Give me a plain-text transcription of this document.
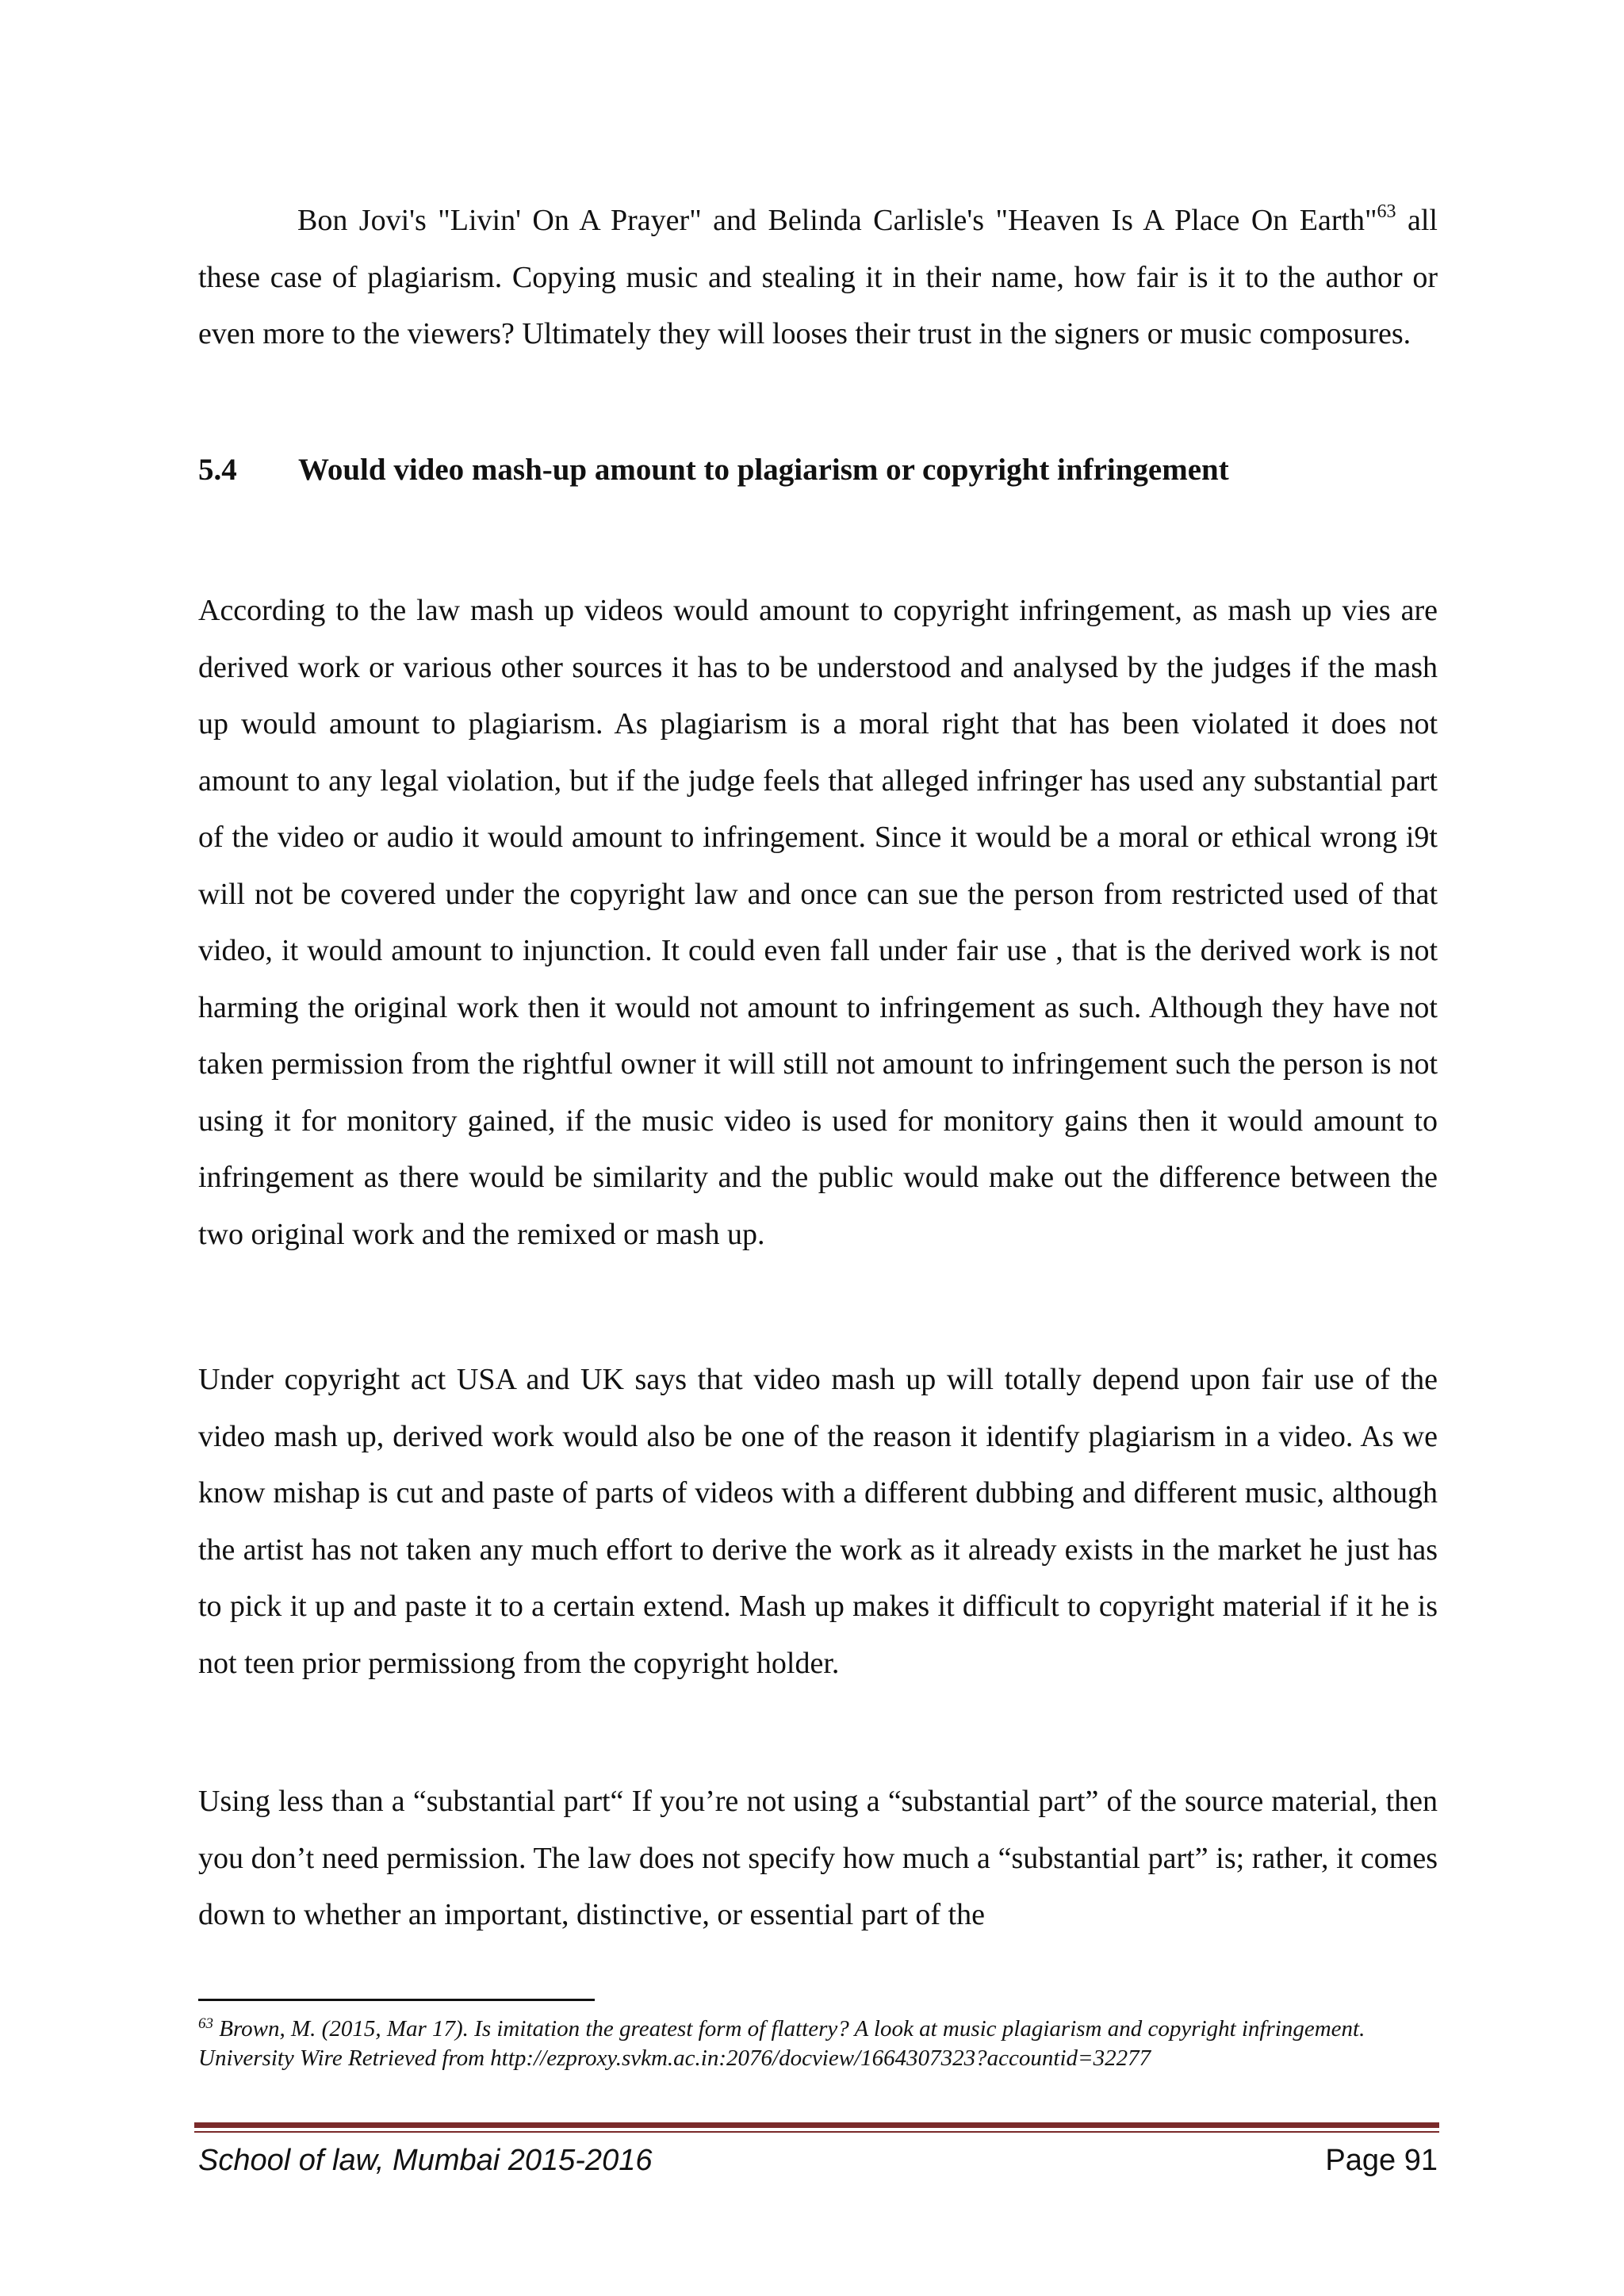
Bon Jovi's "Livin' On A Prayer" and Belinda Carlisle's "Heaven Is A Place On Earth"$^{63}$ all these case of plagiarism. Copying music and stealing it in their name, how fair is it to the author or even more to the viewers? Ultimately they will looses their trust in the signers or music composures.

5.4 Would video mash-up amount to plagiarism or copyright infringement

According to the law mash up videos would amount to copyright infringement, as mash up vies are derived work or various other sources it has to be understood and analysed by the judges if the mash up would amount to plagiarism. As plagiarism is a moral right that has been violated it does not amount to any legal violation, but if the judge feels that alleged infringer has used any substantial part of the video or audio it would amount to infringement. Since it would be a moral or ethical wrong i9t will not be covered under the copyright law and once can sue the person from restricted used of that video, it would amount to injunction. It could even fall under fair use , that is the derived work is not harming the original work then it would not amount to infringement as such. Although they have not taken permission from the rightful owner it will still not amount to infringement such the person is not using it for monitory gained, if the music video is used for monitory gains then it would amount to infringement as there would be similarity and the public would make out the difference between the two original work and the remixed or mash up.

Under copyright act USA and UK says that video mash up will totally depend upon fair use of the video mash up, derived work would also be one of the reason it identify plagiarism in a video. As we know mishap is cut and paste of parts of videos with a different dubbing and different music, although the artist has not taken any much effort to derive the work as it already exists in the market he just has to pick it up and paste it to a certain extend. Mash up makes it difficult to copyright material if it he is not teen prior permissiong from the copyright holder.

Using less than a “substantial part“ If you’re not using a “substantial part” of the source material, then you don’t need permission. The law does not specify how much a “substantial part” is; rather, it comes down to whether an important, distinctive, or essential part of the

$^{63}$ Brown, M. (2015, Mar 17). Is imitation the greatest form of flattery? A look at music plagiarism and copyright infringement. University Wire Retrieved from http://ezproxy.svkm.ac.in:2076/docview/1664307323?accountid=32277

School of law, Mumbai 2015-2016	Page 91
